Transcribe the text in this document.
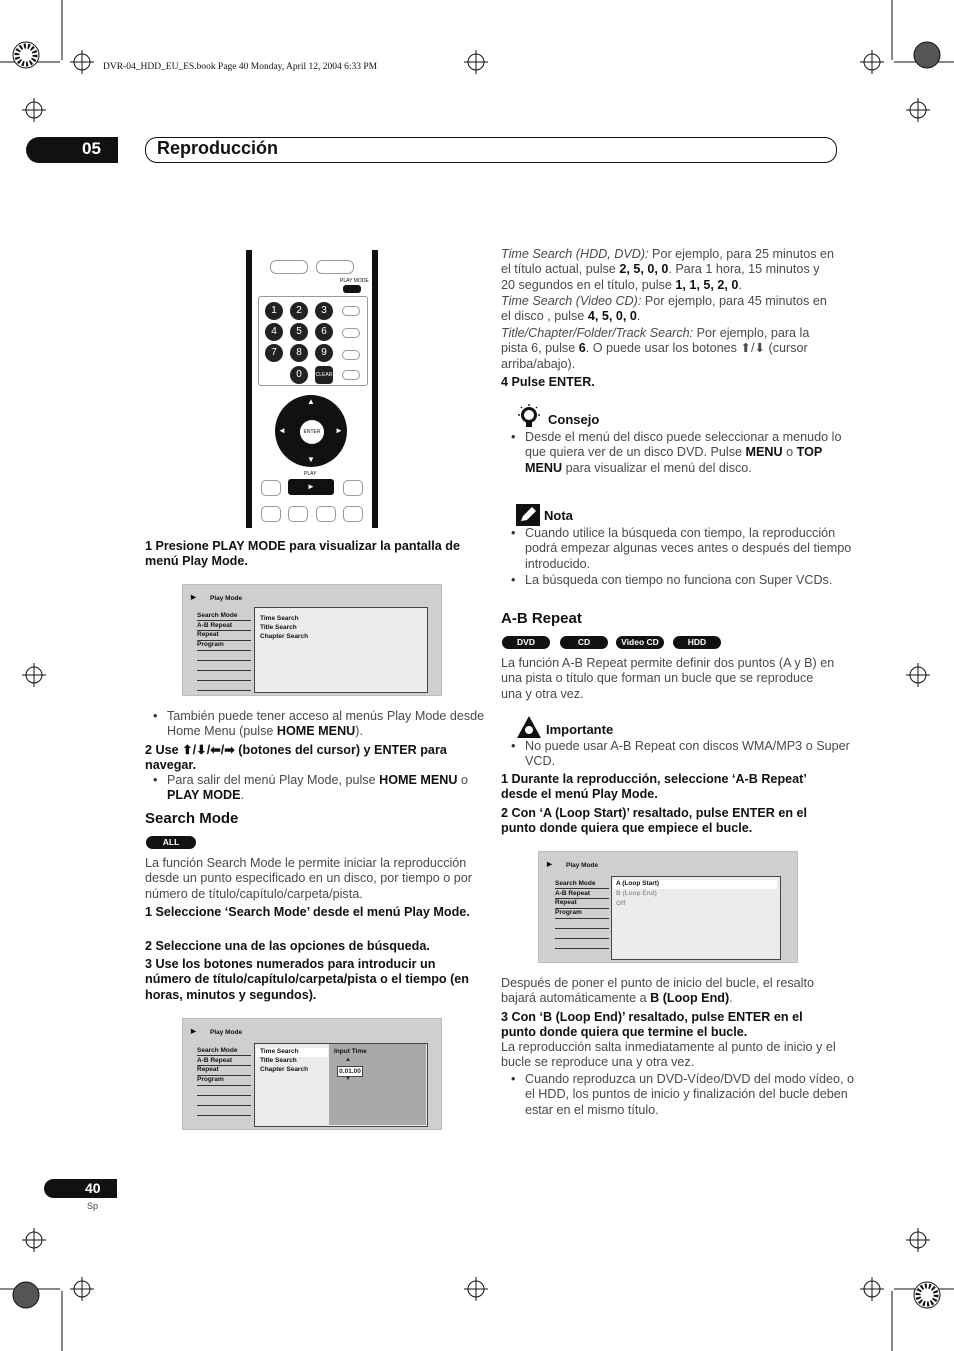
DVR-04_HDD_EU_ES.book Page 40 Monday, April 12, 2004 6:33 PM
05	Reproducción
PLAY MODE
1	2	3
4	5	6
7	8	9
0	CLEAR
ENTER
▲
▼
◄	►
PLAY
►

1 Presione PLAY MODE para visualizar la pantalla de menú Play Mode.

▶ Play Mode
Search Mode
A-B Repeat
Repeat
Program
Time Search
Title Search
Chapter Search

• También puede tener acceso al menús Play Mode desde Home Menu (pulse HOME MENU).

2 Use ⬆/⬇/⬅/➡ (botones del cursor) y ENTER para navegar.

• Para salir del menú Play Mode, pulse HOME MENU o PLAY MODE.

Search Mode
ALL

La función Search Mode le permite iniciar la reproducción desde un punto especificado en un disco, por tiempo o por número de título/capítulo/carpeta/pista.

1 Seleccione ‘Search Mode’ desde el menú Play Mode.

2 Seleccione una de las opciones de búsqueda.

3 Use los botones numerados para introducir un número de título/capítulo/carpeta/pista o el tiempo (en horas, minutos y segundos).

▶ Play Mode
Search Mode
A-B Repeat
Repeat
Program
Time Search
Title Search
Chapter Search
Input Time
▲
0.01.00
▼

Time Search (HDD, DVD): Por ejemplo, para 25 minutos en el título actual, pulse 2, 5, 0, 0. Para 1 hora, 15 minutos y 20 segundos en el título, pulse 1, 1, 5, 2, 0.

Time Search (Video CD): Por ejemplo, para 45 minutos en el disco , pulse 4, 5, 0, 0.

Title/Chapter/Folder/Track Search: Por ejemplo, para la pista 6, pulse 6. O puede usar los botones ⬆/⬇ (cursor arriba/abajo).

4 Pulse ENTER.

Consejo

• Desde el menú del disco puede seleccionar a menudo lo que quiera ver de un disco DVD. Pulse MENU o TOP MENU para visualizar el menú del disco.

Nota

• Cuando utilice la búsqueda con tiempo, la reproducción podrá empezar algunas veces antes o después del tiempo introducido.

• La búsqueda con tiempo no funciona con Super VCDs.

A-B Repeat
DVD	CD	Video CD	HDD

La función A-B Repeat permite definir dos puntos (A y B) en una pista o título que forman un bucle que se reproduce una y otra vez.

Importante

• No puede usar A-B Repeat con discos WMA/MP3 o Super VCD.

1 Durante la reproducción, seleccione ‘A-B Repeat’ desde el menú Play Mode.

2 Con ‘A (Loop Start)’ resaltado, pulse ENTER en el punto donde quiera que empiece el bucle.

▶ Play Mode
Search Mode
A-B Repeat
Repeat
Program
A (Loop Start)
B (Loop End)
Off

Después de poner el punto de inicio del bucle, el resalto bajará automáticamente a B (Loop End).

3 Con ‘B (Loop End)’ resaltado, pulse ENTER en el punto donde quiera que termine el bucle.

La reproducción salta inmediatamente al punto de inicio y el bucle se reproduce una y otra vez.

• Cuando reproduzca un DVD-Vídeo/DVD del modo vídeo, o el HDD, los puntos de inicio y finalización del bucle deben estar en el mismo título.

40
Sp
